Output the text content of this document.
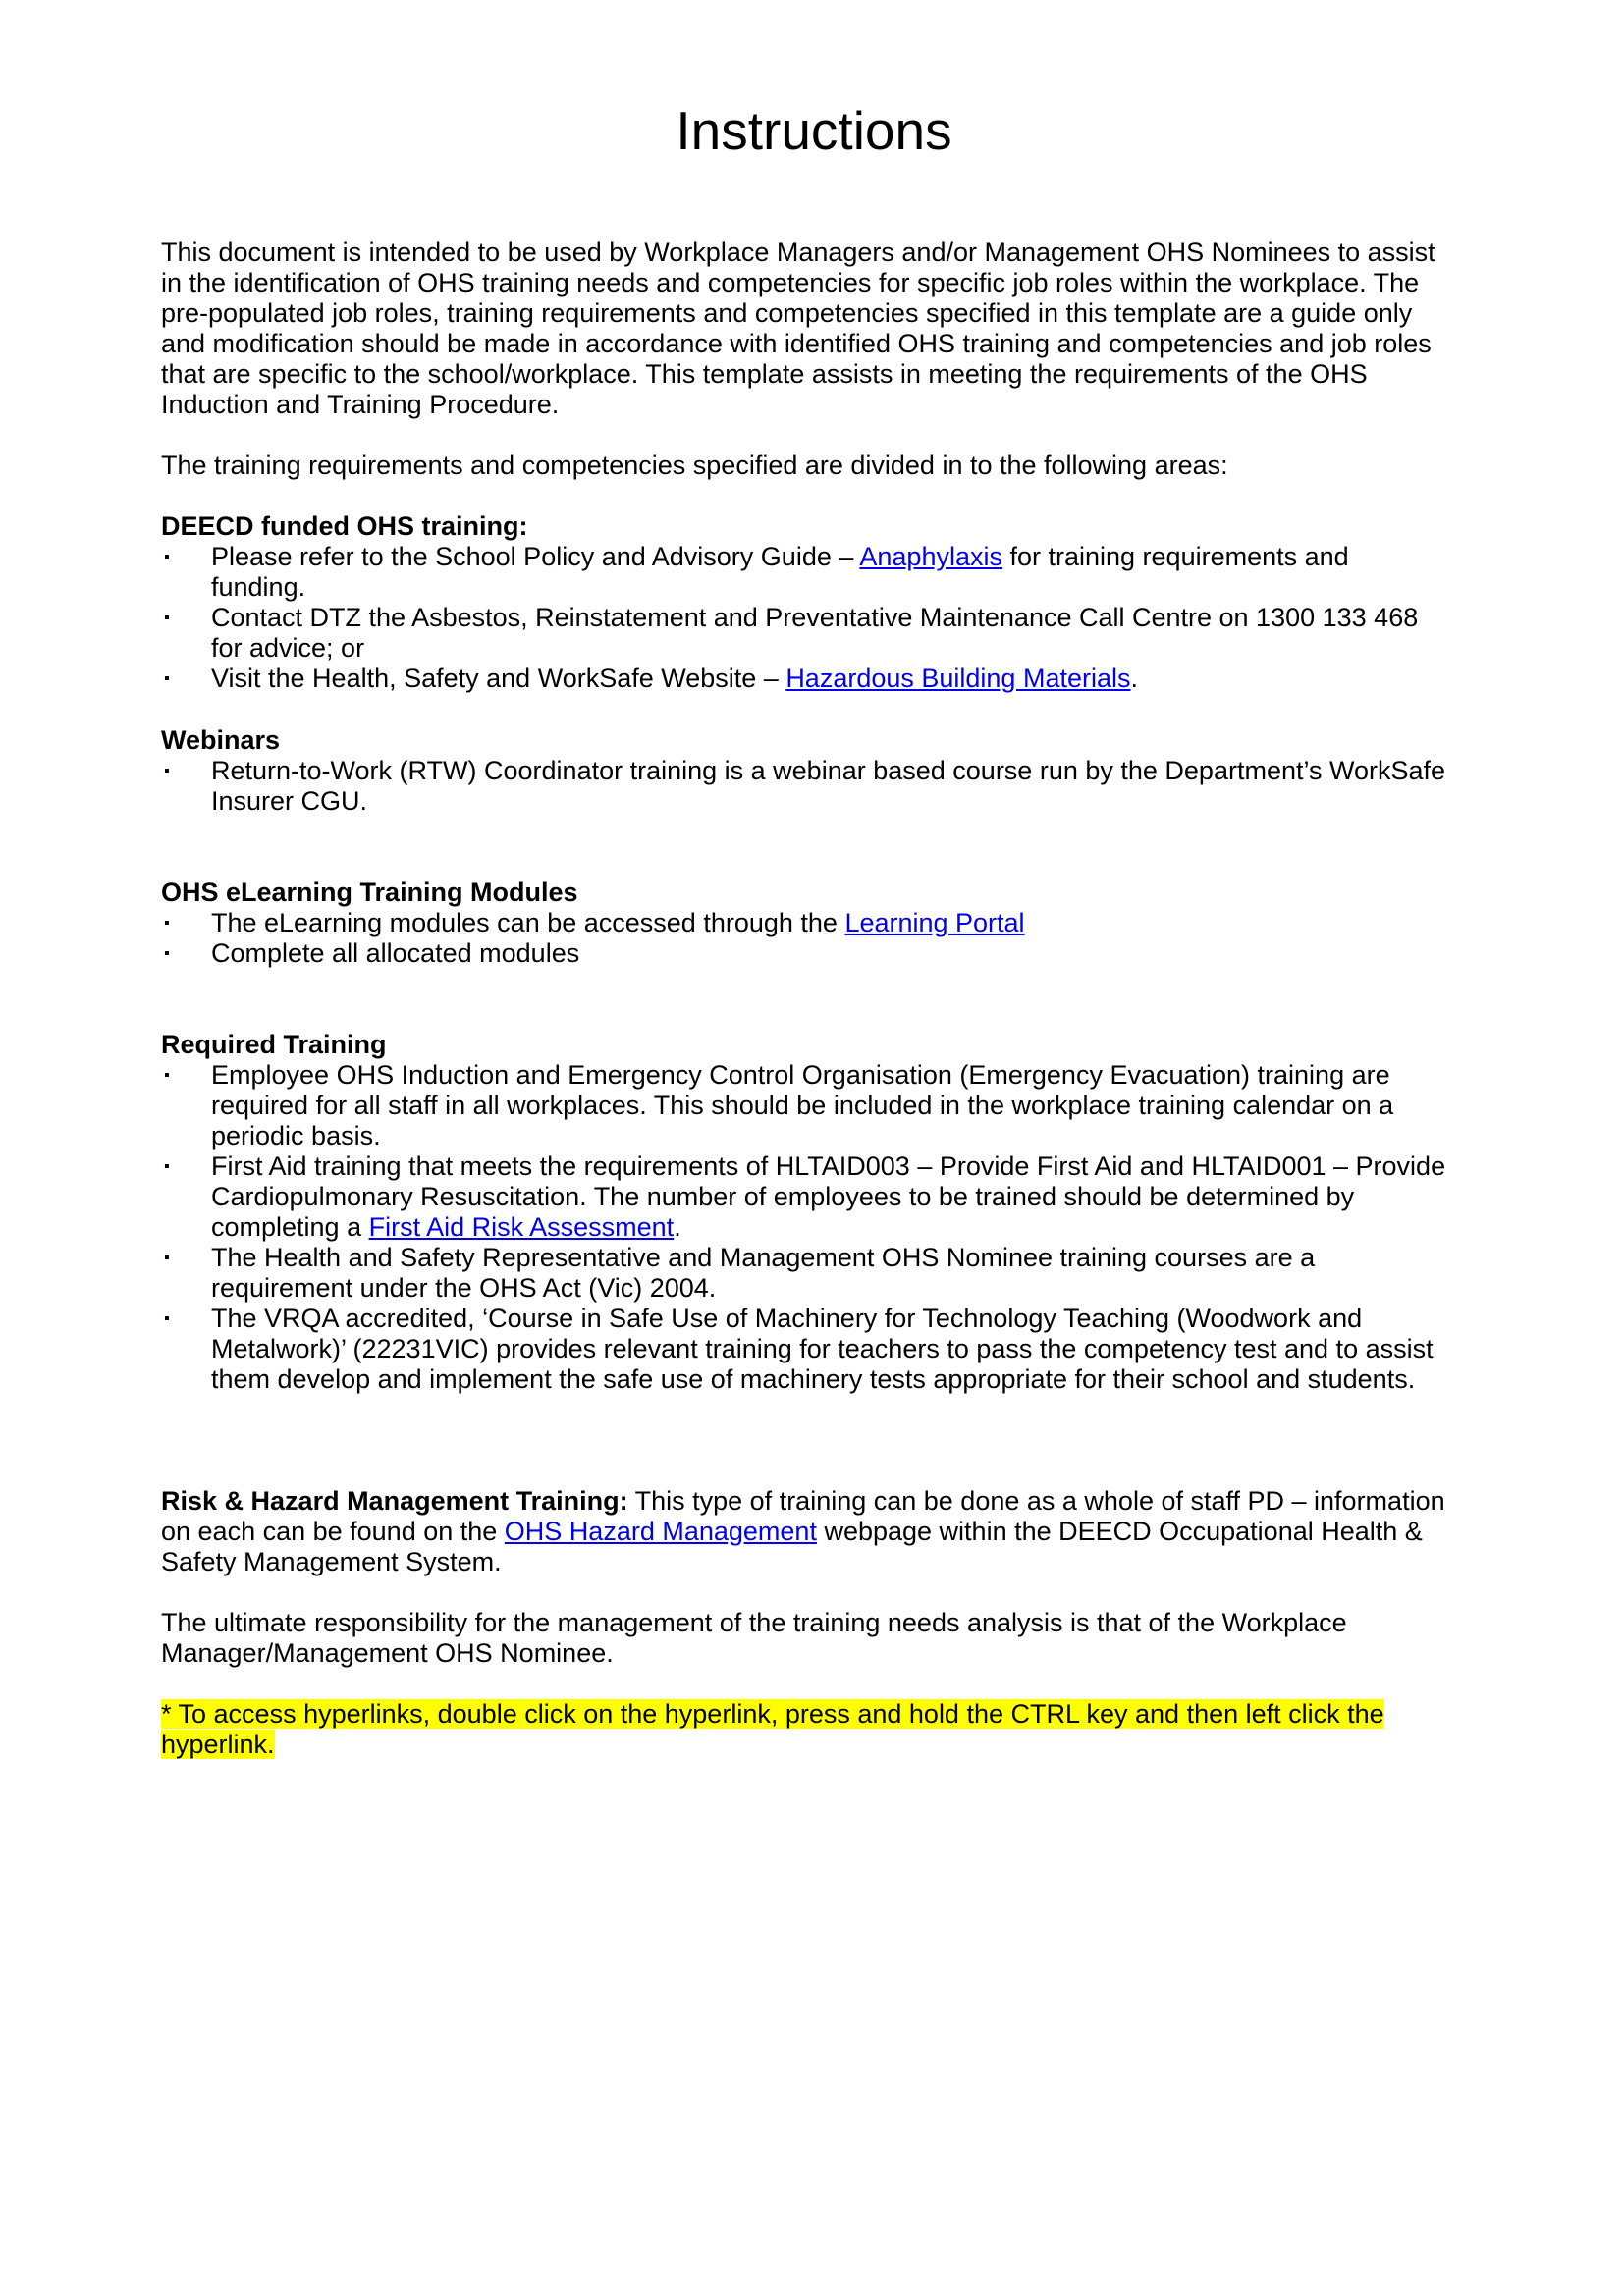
Instructions

This document is intended to be used by Workplace Managers and/or Management OHS Nominees to assist in the identification of OHS training needs and competencies for specific job roles within the workplace. The pre-populated job roles, training requirements and competencies specified in this template are a guide only and modification should be made in accordance with identified OHS training and competencies and job roles that are specific to the school/workplace. This template assists in meeting the requirements of the OHS Induction and Training Procedure.

The training requirements and competencies specified are divided in to the following areas:

DEECD funded OHS training:

▪ Please refer to the School Policy and Advisory Guide – Anaphylaxis for training requirements and funding.
▪ Contact DTZ the Asbestos, Reinstatement and Preventative Maintenance Call Centre on 1300 133 468 for advice; or
▪ Visit the Health, Safety and WorkSafe Website – Hazardous Building Materials.

Webinars

▪ Return-to-Work (RTW) Coordinator training is a webinar based course run by the Department’s WorkSafe Insurer CGU.

OHS eLearning Training Modules

▪ The eLearning modules can be accessed through the Learning Portal
▪ Complete all allocated modules

Required Training

▪ Employee OHS Induction and Emergency Control Organisation (Emergency Evacuation) training are required for all staff in all workplaces. This should be included in the workplace training calendar on a periodic basis.
▪ First Aid training that meets the requirements of HLTAID003 – Provide First Aid and HLTAID001 – Provide Cardiopulmonary Resuscitation. The number of employees to be trained should be determined by completing a First Aid Risk Assessment.
▪ The Health and Safety Representative and Management OHS Nominee training courses are a requirement under the OHS Act (Vic) 2004.
▪ The VRQA accredited, ‘Course in Safe Use of Machinery for Technology Teaching (Woodwork and Metalwork)’ (22231VIC) provides relevant training for teachers to pass the competency test and to assist them develop and implement the safe use of machinery tests appropriate for their school and students.

Risk & Hazard Management Training: This type of training can be done as a whole of staff PD – information on each can be found on the OHS Hazard Management webpage within the DEECD Occupational Health & Safety Management System.

The ultimate responsibility for the management of the training needs analysis is that of the Workplace Manager/Management OHS Nominee.

* To access hyperlinks, double click on the hyperlink, press and hold the CTRL key and then left click the hyperlink.
